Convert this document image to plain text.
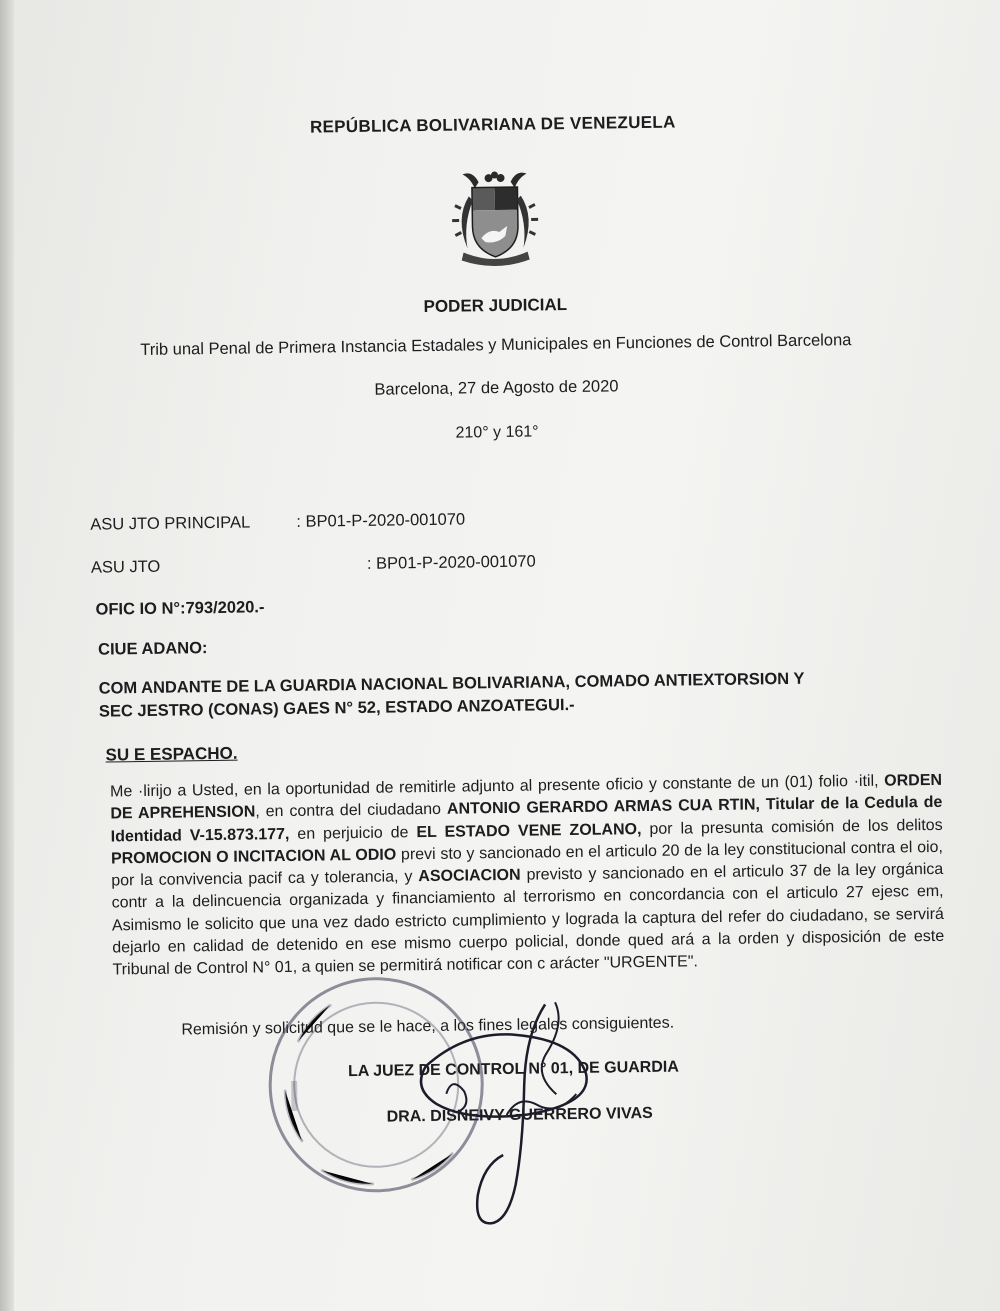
REPÚBLICA BOLIVARIANA DE VENEZUELA
PODER JUDICIAL
Trib unal Penal de Primera Instancia Estadales y Municipales en Funciones de Control Barcelona
Barcelona, 27 de Agosto de 2020
210° y 161°
ASU JTO PRINCIPAL	: BP01-P-2020-001070
ASU JTO	: BP01-P-2020-001070
OFIC IO N°:793/2020.-
CIUE ADANO:
COM ANDANTE DE LA GUARDIA NACIONAL BOLIVARIANA, COMADO ANTIEXTORSION Y
SEC JESTRO (CONAS) GAES N° 52, ESTADO ANZOATEGUI.-
SU E ESPACHO.
Me ·lirijo a Usted, en la oportunidad de remitirle adjunto al presente oficio y constante de un (01) folio ·itil, ORDEN DE APREHENSION, en contra del ciudadano ANTONIO GERARDO ARMAS CUA RTIN, Titular de la Cedula de Identidad V-15.873.177, en perjuicio de EL ESTADO VENE ZOLANO, por la presunta comisión de los delitos PROMOCION O INCITACION AL ODIO previ sto y sancionado en el articulo 20 de la ley constitucional contra el oio, por la convivencia pacif ca y tolerancia, y ASOCIACION previsto y sancionado en el articulo 37 de la ley orgánica contr a la delincuencia organizada y financiamiento al terrorismo en concordancia con el articulo 27 ejesc em, Asimismo le solicito que una vez dado estricto cumplimiento y lograda la captura del refer do ciudadano, se servirá dejarlo en calidad de detenido en ese mismo cuerpo policial, donde qued ará a la orden y disposición de este Tribunal de Control N° 01, a quien se permitirá notificar con c arácter "URGENTE".
Remisión y solicitud que se le hace, a los fines legales consiguientes.
LA JUEZ DE CONTROL N° 01, DE GUARDIA
DRA. DISNEIVY GUERRERO VIVAS
